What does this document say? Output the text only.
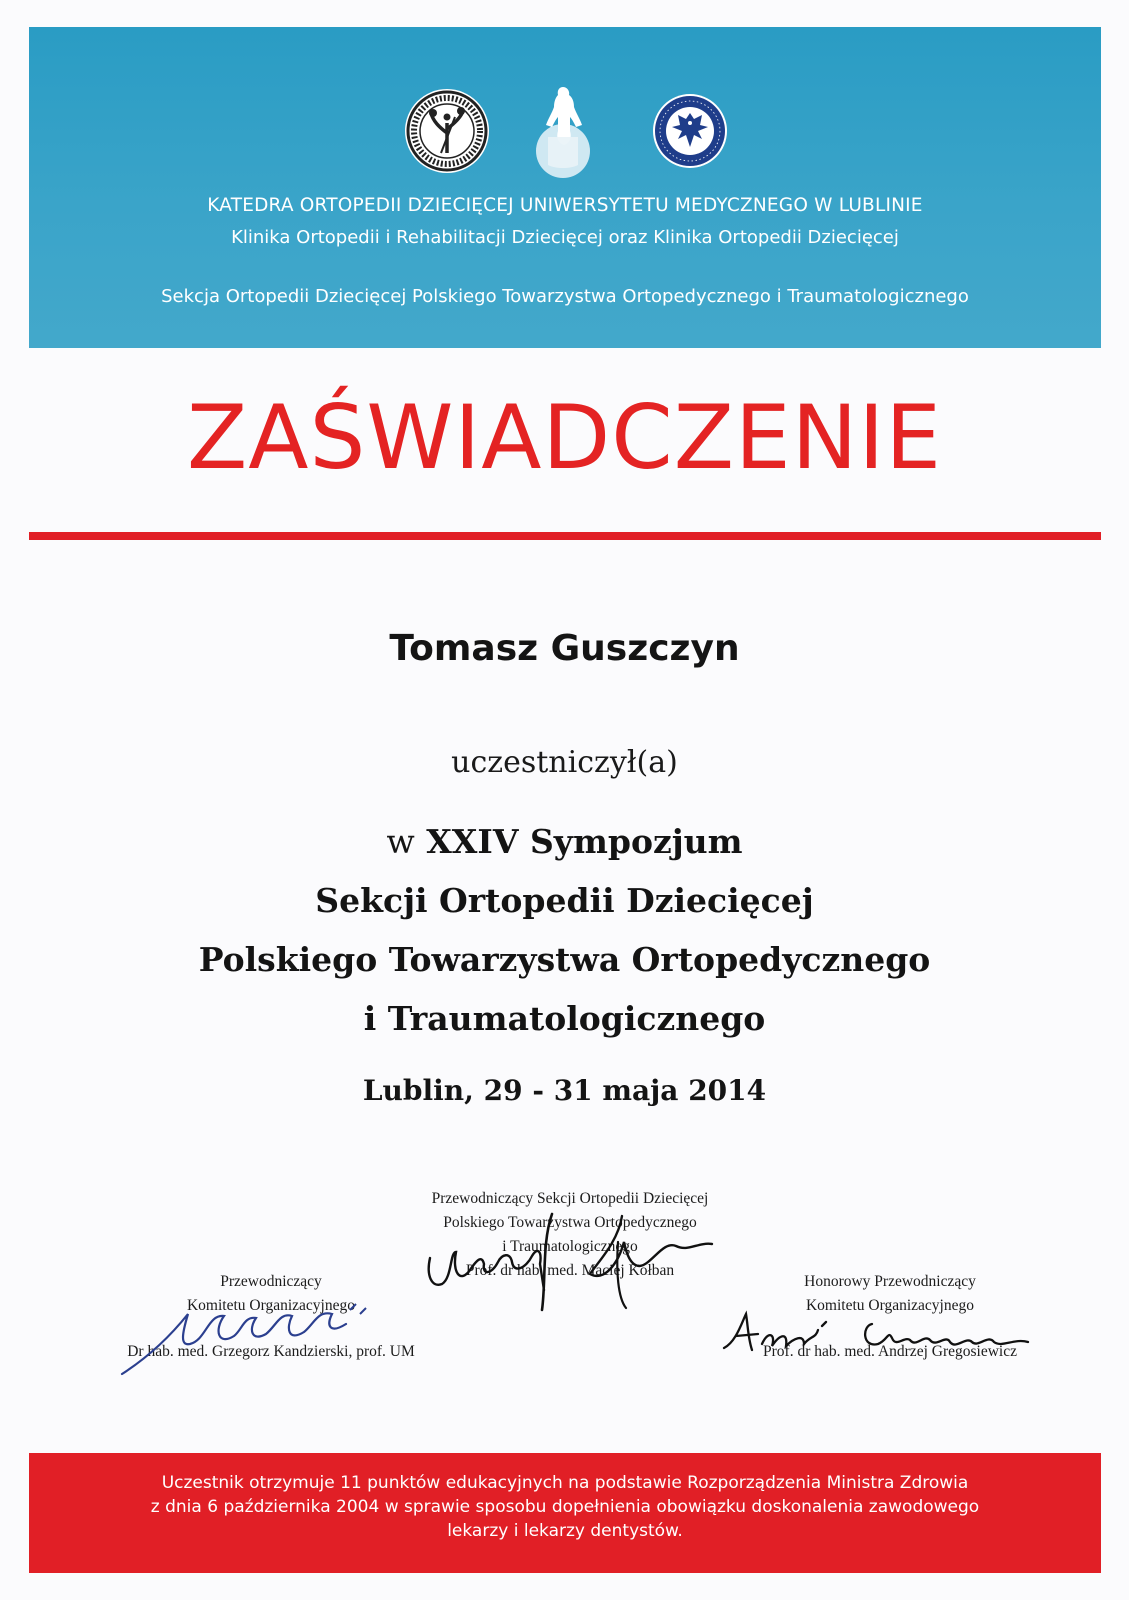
KATEDRA ORTOPEDII DZIECIĘCEJ UNIWERSYTETU MEDYCZNEGO W LUBLINIE
Klinika Ortopedii i Rehabilitacji Dziecięcej oraz Klinika Ortopedii Dziecięcej
Sekcja Ortopedii Dziecięcej Polskiego Towarzystwa Ortopedycznego i Traumatologicznego
ZAŚWIADCZENIE
Tomasz Guszczyn
uczestniczył(a)
w XXIV Sympozjum
Sekcji Ortopedii Dziecięcej
Polskiego Towarzystwa Ortopedycznego
i Traumatologicznego
Lublin, 29 - 31 maja 2014
Przewodniczący Sekcji Ortopedii Dziecięcej
Polskiego Towarzystwa Ortopedycznego
i Traumatologicznego
Prof. dr hab. med. Maciej Kołban
Przewodniczący
Komitetu Organizacyjnego
Dr hab. med. Grzegorz Kandzierski, prof. UM
Honorowy Przewodniczący
Komitetu Organizacyjnego
Prof. dr hab. med. Andrzej Gregosiewicz
Uczestnik otrzymuje 11 punktów edukacyjnych na podstawie Rozporządzenia Ministra Zdrowia
z dnia 6 października 2004 w sprawie sposobu dopełnienia obowiązku doskonalenia zawodowego
lekarzy i lekarzy dentystów.
